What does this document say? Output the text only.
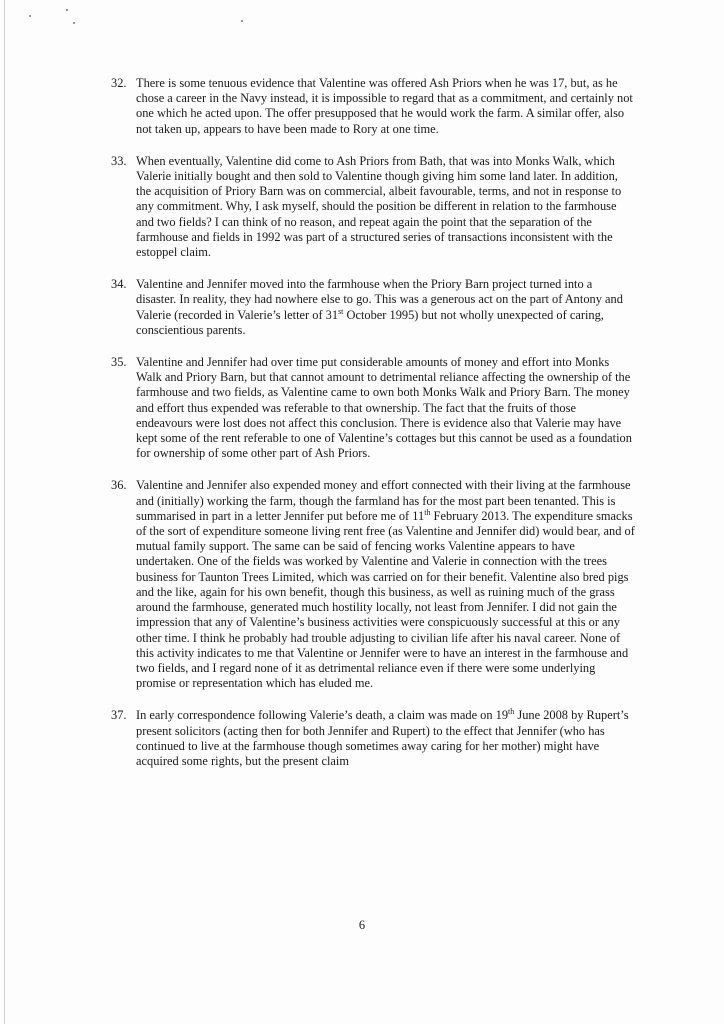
32. There is some tenuous evidence that Valentine was offered Ash Priors when he was 17, but, as he chose a career in the Navy instead, it is impossible to regard that as a commitment, and certainly not one which he acted upon. The offer presupposed that he would work the farm. A similar offer, also not taken up, appears to have been made to Rory at one time.
33. When eventually, Valentine did come to Ash Priors from Bath, that was into Monks Walk, which Valerie initially bought and then sold to Valentine though giving him some land later. In addition, the acquisition of Priory Barn was on commercial, albeit favourable, terms, and not in response to any commitment. Why, I ask myself, should the position be different in relation to the farmhouse and two fields? I can think of no reason, and repeat again the point that the separation of the farmhouse and fields in 1992 was part of a structured series of transactions inconsistent with the estoppel claim.
34. Valentine and Jennifer moved into the farmhouse when the Priory Barn project turned into a disaster. In reality, they had nowhere else to go. This was a generous act on the part of Antony and Valerie (recorded in Valerie’s letter of 31st October 1995) but not wholly unexpected of caring, conscientious parents.
35. Valentine and Jennifer had over time put considerable amounts of money and effort into Monks Walk and Priory Barn, but that cannot amount to detrimental reliance affecting the ownership of the farmhouse and two fields, as Valentine came to own both Monks Walk and Priory Barn. The money and effort thus expended was referable to that ownership. The fact that the fruits of those endeavours were lost does not affect this conclusion. There is evidence also that Valerie may have kept some of the rent referable to one of Valentine’s cottages but this cannot be used as a foundation for ownership of some other part of Ash Priors.
36. Valentine and Jennifer also expended money and effort connected with their living at the farmhouse and (initially) working the farm, though the farmland has for the most part been tenanted. This is summarised in part in a letter Jennifer put before me of 11th February 2013. The expenditure smacks of the sort of expenditure someone living rent free (as Valentine and Jennifer did) would bear, and of mutual family support. The same can be said of fencing works Valentine appears to have undertaken. One of the fields was worked by Valentine and Valerie in connection with the trees business for Taunton Trees Limited, which was carried on for their benefit. Valentine also bred pigs and the like, again for his own benefit, though this business, as well as ruining much of the grass around the farmhouse, generated much hostility locally, not least from Jennifer. I did not gain the impression that any of Valentine’s business activities were conspicuously successful at this or any other time. I think he probably had trouble adjusting to civilian life after his naval career. None of this activity indicates to me that Valentine or Jennifer were to have an interest in the farmhouse and two fields, and I regard none of it as detrimental reliance even if there were some underlying promise or representation which has eluded me.
37. In early correspondence following Valerie’s death, a claim was made on 19th June 2008 by Rupert’s present solicitors (acting then for both Jennifer and Rupert) to the effect that Jennifer (who has continued to live at the farmhouse though sometimes away caring for her mother) might have acquired some rights, but the present claim
6
